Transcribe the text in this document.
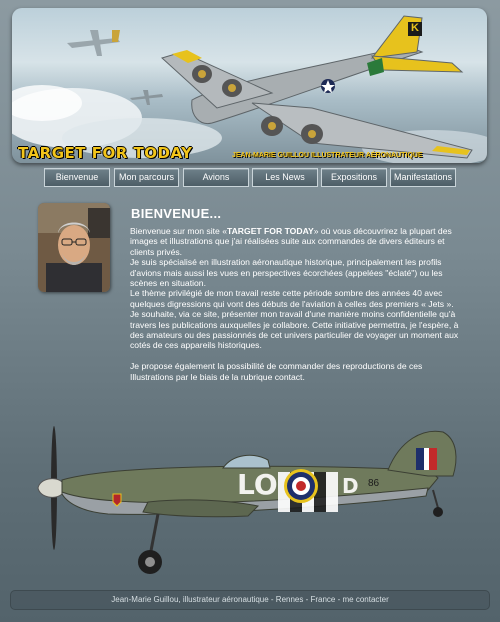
K
TARGET FOR TODAY	JEAN-MARIE GUILLOU ILLUSTRATEUR AÉRONAUTIQUE
Bienvenue	Mon parcours	Avions	Les News	Expositions	Manifestations
BIENVENUE...

Bienvenue sur mon site «TARGET FOR TODAY» où vous découvrirez la plupart des images et illustrations que j'ai réalisées suite aux commandes de divers éditeurs et clients privés.

Je suis spécialisé en illustration aéronautique historique, principalement les profils d'avions mais aussi les vues en perspectives écorchées (appelées "éclaté") ou les scènes en situation.

Le thème privilégié de mon travail reste cette période sombre des années 40 avec quelques digressions qui vont des débuts de l'aviation à celles des premiers « Jets ».

Je souhaite, via ce site, présenter mon travail d'une manière moins confidentielle qu'à travers les publications auxquelles je collabore. Cette initiative permettra, je l'espère, à des amateurs ou des passionnés de cet univers particulier de voyager un moment aux cotés de ces appareils historiques.

Je propose également la possibilité de commander des reproductions de ces Illustrations par le biais de la rubrique contact.

LO	D 86
Jean-Marie Guillou, illustrateur aéronautique - Rennes - France - me contacter
